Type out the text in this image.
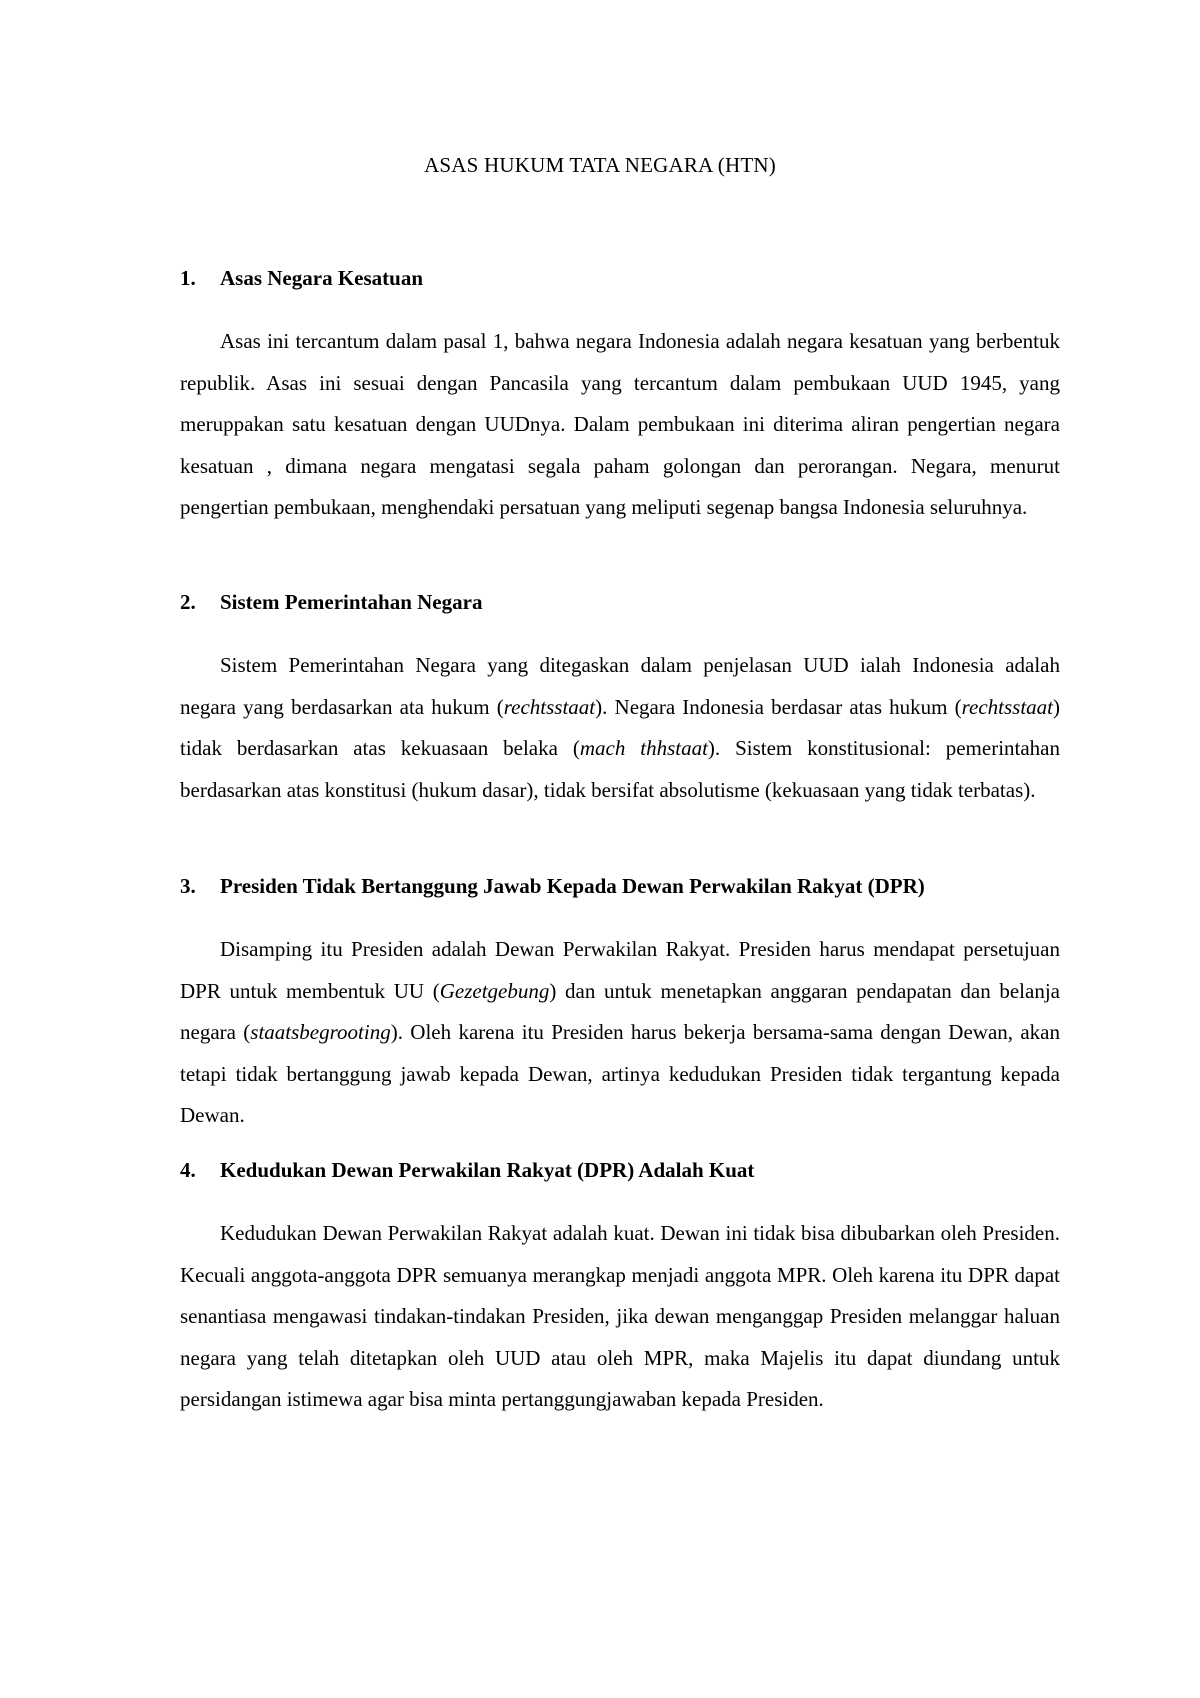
ASAS HUKUM TATA NEGARA (HTN)
1.	Asas Negara Kesatuan

Asas ini tercantum dalam pasal 1, bahwa negara Indonesia adalah negara kesatuan yang berbentuk republik. Asas ini sesuai dengan Pancasila yang tercantum dalam pembukaan UUD 1945, yang meruppakan satu kesatuan dengan UUDnya. Dalam pembukaan ini diterima aliran pengertian negara kesatuan , dimana negara mengatasi segala paham golongan dan perorangan. Negara, menurut pengertian pembukaan, menghendaki persatuan yang meliputi segenap bangsa Indonesia seluruhnya.

2.	Sistem Pemerintahan Negara

Sistem Pemerintahan Negara yang ditegaskan dalam penjelasan UUD ialah Indonesia adalah negara yang berdasarkan ata hukum (rechtsstaat). Negara Indonesia berdasar atas hukum (rechtsstaat) tidak berdasarkan atas kekuasaan belaka (mach thhstaat). Sistem konstitusional: pemerintahan berdasarkan atas konstitusi (hukum dasar), tidak bersifat absolutisme (kekuasaan yang tidak terbatas).

3.	Presiden Tidak Bertanggung Jawab Kepada Dewan Perwakilan Rakyat (DPR)

Disamping itu Presiden adalah Dewan Perwakilan Rakyat. Presiden harus mendapat persetujuan DPR untuk membentuk UU (Gezetgebung) dan untuk menetapkan anggaran pendapatan dan belanja negara (staatsbegrooting). Oleh karena itu Presiden harus bekerja bersama-sama dengan Dewan, akan tetapi tidak bertanggung jawab kepada Dewan, artinya kedudukan Presiden tidak tergantung kepada Dewan.

4.	Kedudukan Dewan Perwakilan Rakyat (DPR) Adalah Kuat

Kedudukan Dewan Perwakilan Rakyat adalah kuat. Dewan ini tidak bisa dibubarkan oleh Presiden. Kecuali anggota-anggota DPR semuanya merangkap menjadi anggota MPR. Oleh karena itu DPR dapat senantiasa mengawasi tindakan-tindakan Presiden, jika dewan menganggap Presiden melanggar haluan negara yang telah ditetapkan oleh UUD atau oleh MPR, maka Majelis itu dapat diundang untuk persidangan istimewa agar bisa minta pertanggungjawaban kepada Presiden.
